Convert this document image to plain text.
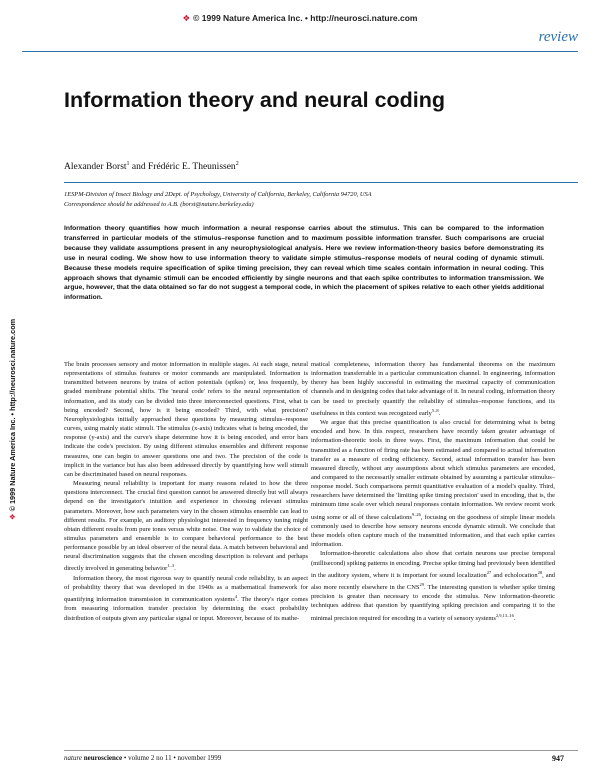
❖ © 1999 Nature America Inc. • http://neurosci.nature.com
review
Information theory and neural coding
Alexander Borst$^1$ and Frédéric E. Theunissen$^2$
1ESPM-Division of Insect Biology and 2Dept. of Psychology, University of California, Berkeley, California 94720, USA
Correspondence should be addressed to A.B. (borst@nature.berkeley.edu)
Information theory quantifies how much information a neural response carries about the stimulus. This can be compared to the information transferred in particular models of the stimulus–response function and to maximum possible information transfer. Such comparisons are crucial because they validate assumptions present in any neurophysiological analysis. Here we review information-theory basics before demonstrating its use in neural coding. We show how to use information theory to validate simple stimulus–response models of neural coding of dynamic stimuli. Because these models require specification of spike timing precision, they can reveal which time scales contain information in neural coding. This approach shows that dynamic stimuli can be encoded efficiently by single neurons and that each spike contributes to information transmission. We argue, however, that the data obtained so far do not suggest a temporal code, in which the placement of spikes relative to each other yields additional information.
❖ © 1999 Nature America Inc. • http://neurosci.nature.com	The brain processes sensory and motor information in multiple stages. At each stage, neural representations of stimulus features or motor commands are manipulated. Information is transmitted between neurons by trains of action potentials (spikes) or, less frequently, by graded membrane potential shifts. The 'neural code' refers to the neural representation of information, and its study can be divided into three interconnected questions. First, what is being encoded? Second, how is it being encoded? Third, with what precision? Neurophysiologists initially approached these questions by measuring stimulus–response curves, using mainly static stimuli. The stimulus (x-axis) indicates what is being encoded, the response (y-axis) and the curve's shape determine how it is being encoded, and error bars indicate the code's precision. By using different stimulus ensembles and different response measures, one can begin to answer questions one and two. The precision of the code is implicit in the variance but has also been addressed directly by quantifying how well stimuli can be discriminated based on neural responses.

Measuring neural reliability is important for many reasons related to how the three questions interconnect. The crucial first question cannot be answered directly but will always depend on the investigator's intuition and experience in choosing relevant stimulus parameters. Moreover, how such parameters vary in the chosen stimulus ensemble can lead to different results. For example, an auditory physiologist interested in frequency tuning might obtain different results from pure tones versus white noise. One way to validate the choice of stimulus parameters and ensemble is to compare behavioral performance to the best performance possible by an ideal observer of the neural data. A match between behavioral and neural discrimination suggests that the chosen encoding description is relevant and perhaps directly involved in generating behavior$^{1-3}$.

Information theory, the most rigorous way to quantify neural code reliability, is an aspect of probability theory that was developed in the 1940s as a mathematical framework for quantifying information transmission in communication systems$^4$. The theory's rigor comes from measuring information transfer precision by determining the exact probability distribution of outputs given any particular signal or input. Moreover, because of its mathe-

matical completeness, information theory has fundamental theorems on the maximum information transferrable in a particular communication channel. In engineering, information theory has been highly successful in estimating the maximal capacity of communication channels and in designing codes that take advantage of it. In neural coding, information theory can be used to precisely quantify the reliability of stimulus–response functions, and its usefulness in this context was recognized early$^{5-8}$.

We argue that this precise quantification is also crucial for determining what is being encoded and how. In this respect, researchers have recently taken greater advantage of information-theoretic tools in three ways. First, the maximum information that could be transmitted as a function of firing rate has been estimated and compared to actual information transfer as a measure of coding efficiency. Second, actual information transfer has been measured directly, without any assumptions about which stimulus parameters are encoded, and compared to the necessarily smaller estimate obtained by assuming a particular stimulus–response model. Such comparisons permit quantitative evaluation of a model's quality. Third, researchers have determined the 'limiting spike timing precision' used in encoding, that is, the minimum time scale over which neural responses contain information. We review recent work using some or all of these calculations$^{9-26}$, focusing on the goodness of simple linear models commonly used to describe how sensory neurons encode dynamic stimuli. We conclude that these models often capture much of the transmitted information, and that each spike carries information.

Information-theoretic calculations also show that certain neurons use precise temporal (millisecond) spiking patterns in encoding. Precise spike timing had previously been identified in the auditory system, where it is important for sound localization$^{27}$ and echolocation$^{28}$, and also more recently elsewhere in the CNS$^{29}$. The interesting question is whether spike timing precision is greater than necessary to encode the stimulus. New information-theoretic techniques address that question by quantifying spiking precision and comparing it to the minimal precision required for encoding in a variety of sensory systems$^{2,9,13-16}$.

nature neuroscience • volume 2 no 11 • november 1999	947
